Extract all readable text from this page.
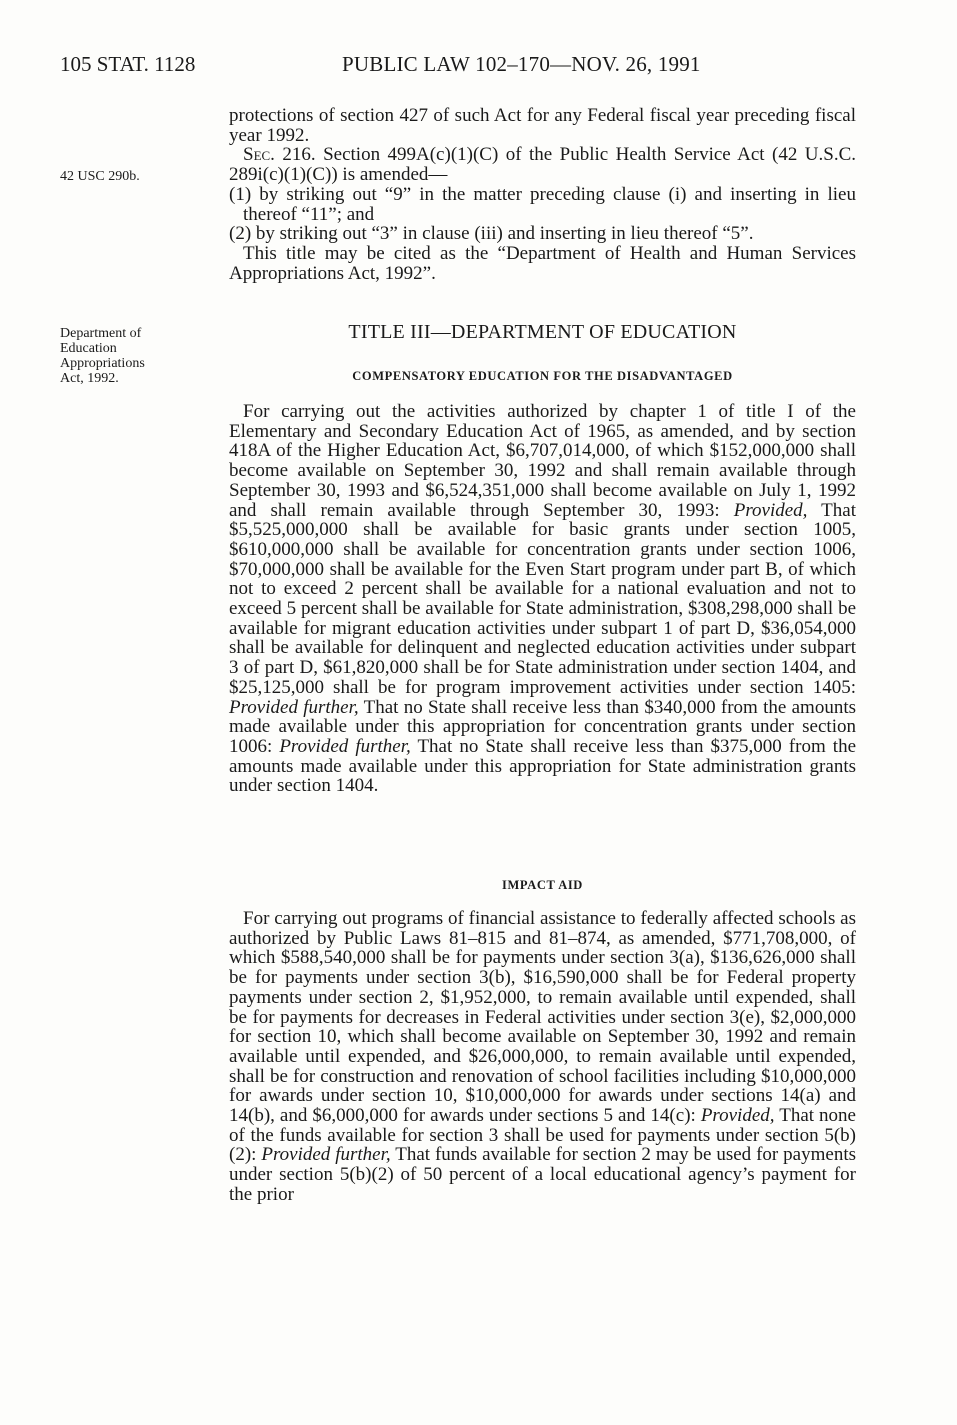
105 STAT. 1128	PUBLIC LAW 102–170—NOV. 26, 1991
42 USC 290b.
Department of
Education
Appropriations
Act, 1992.

protections of section 427 of such Act for any Federal fiscal year preceding fiscal year 1992.

Sec. 216. Section 499A(c)(1)(C) of the Public Health Service Act (42 U.S.C. 289i(c)(1)(C)) is amended—

(1) by striking out “9” in the matter preceding clause (i) and inserting in lieu thereof “11”; and

(2) by striking out “3” in clause (iii) and inserting in lieu thereof “5”.

This title may be cited as the “Department of Health and Human Services Appropriations Act, 1992”.

TITLE III—DEPARTMENT OF EDUCATION
COMPENSATORY EDUCATION FOR THE DISADVANTAGED

For carrying out the activities authorized by chapter 1 of title I of the Elementary and Secondary Education Act of 1965, as amended, and by section 418A of the Higher Education Act, $6,707,014,000, of which $152,000,000 shall become available on September 30, 1992 and shall remain available through September 30, 1993 and $6,524,351,000 shall become available on July 1, 1992 and shall remain available through September 30, 1993: Provided, That $5,525,000,000 shall be available for basic grants under section 1005, $610,000,000 shall be available for concentration grants under section 1006, $70,000,000 shall be available for the Even Start program under part B, of which not to exceed 2 percent shall be available for a national evaluation and not to exceed 5 percent shall be available for State administration, $308,298,000 shall be available for migrant education activities under subpart 1 of part D, $36,054,000 shall be available for delinquent and neglected education activities under subpart 3 of part D, $61,820,000 shall be for State administration under section 1404, and $25,125,000 shall be for program improvement activities under section 1405: Provided further, That no State shall receive less than $340,000 from the amounts made available under this appropriation for concentration grants under section 1006: Provided further, That no State shall receive less than $375,000 from the amounts made available under this appropriation for State administration grants under section 1404.

IMPACT AID

For carrying out programs of financial assistance to federally affected schools as authorized by Public Laws 81–815 and 81–874, as amended, $771,708,000, of which $588,540,000 shall be for payments under section 3(a), $136,626,000 shall be for payments under section 3(b), $16,590,000 shall be for Federal property payments under section 2, $1,952,000, to remain available until expended, shall be for payments for decreases in Federal activities under section 3(e), $2,000,000 for section 10, which shall become available on September 30, 1992 and remain available until expended, and $26,000,000, to remain available until expended, shall be for construction and renovation of school facilities including $10,000,000 for awards under section 10, $10,000,000 for awards under sections 14(a) and 14(b), and $6,000,000 for awards under sections 5 and 14(c): Provided, That none of the funds available for section 3 shall be used for payments under section 5(b)(2): Provided further, That funds available for section 2 may be used for payments under section 5(b)(2) of 50 percent of a local educational agency’s payment for the prior
